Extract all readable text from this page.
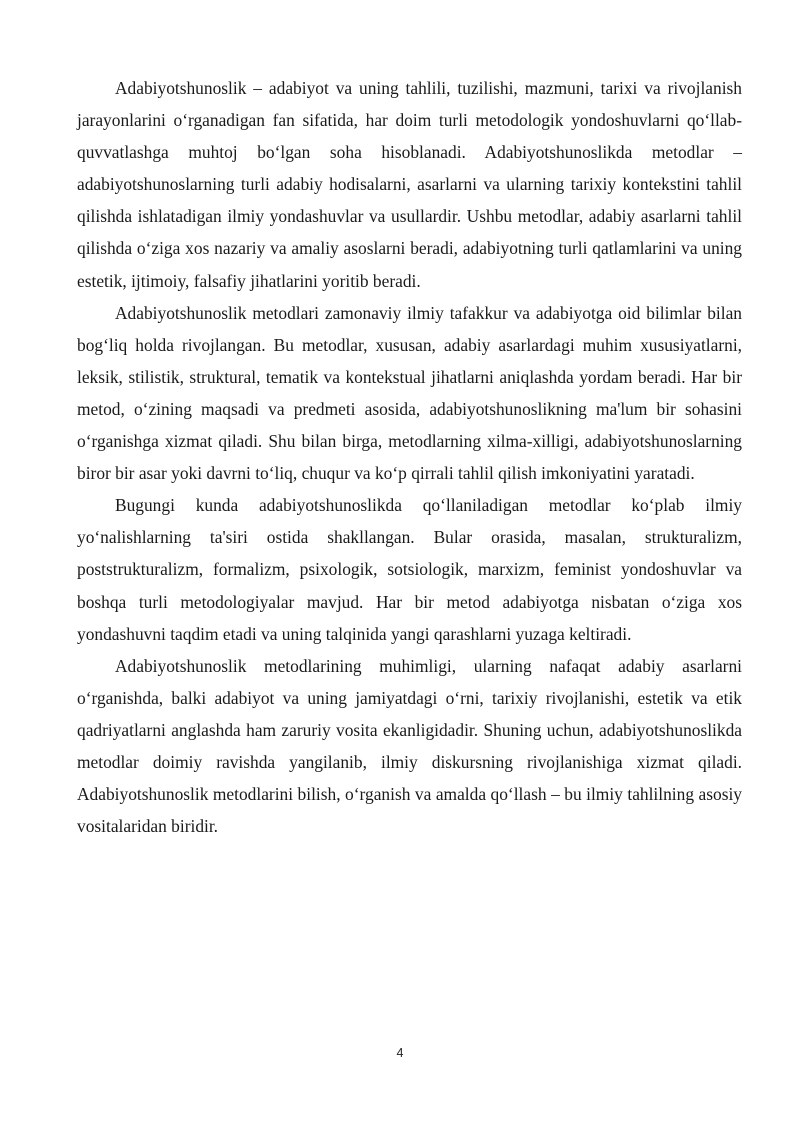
Adabiyotshunoslik – adabiyot va uning tahlili, tuzilishi, mazmuni, tarixi va rivojlanish jarayonlarini o‘rganadigan fan sifatida, har doim turli metodologik yondoshuvlarni qo‘llab-quvvatlashga muhtoj bo‘lgan soha hisoblanadi. Adabiyotshunoslikda metodlar – adabiyotshunoslarning turli adabiy hodisalarni, asarlarni va ularning tarixiy kontekstini tahlil qilishda ishlatadigan ilmiy yondashuvlar va usullardir. Ushbu metodlar, adabiy asarlarni tahlil qilishda o‘ziga xos nazariy va amaliy asoslarni beradi, adabiyotning turli qatlamlarini va uning estetik, ijtimoiy, falsafiy jihatlarini yoritib beradi.

Adabiyotshunoslik metodlari zamonaviy ilmiy tafakkur va adabiyotga oid bilimlar bilan bog‘liq holda rivojlangan. Bu metodlar, xususan, adabiy asarlardagi muhim xususiyatlarni, leksik, stilistik, struktural, tematik va kontekstual jihatlarni aniqlashda yordam beradi. Har bir metod, o‘zining maqsadi va predmeti asosida, adabiyotshunoslikning ma'lum bir sohasini o‘rganishga xizmat qiladi. Shu bilan birga, metodlarning xilma-xilligi, adabiyotshunoslarning biror bir asar yoki davrni to‘liq, chuqur va ko‘p qirrali tahlil qilish imkoniyatini yaratadi.

Bugungi kunda adabiyotshunoslikda qo‘llaniladigan metodlar ko‘plab ilmiy yo‘nalishlarning ta'siri ostida shakllangan. Bular orasida, masalan, strukturalizm, poststrukturalizm, formalizm, psixologik, sotsiologik, marxizm, feminist yondoshuvlar va boshqa turli metodologiyalar mavjud. Har bir metod adabiyotga nisbatan o‘ziga xos yondashuvni taqdim etadi va uning talqinida yangi qarashlarni yuzaga keltiradi.

Adabiyotshunoslik metodlarining muhimligi, ularning nafaqat adabiy asarlarni o‘rganishda, balki adabiyot va uning jamiyatdagi o‘rni, tarixiy rivojlanishi, estetik va etik qadriyatlarni anglashda ham zaruriy vosita ekanligidadir. Shuning uchun, adabiyotshunoslikda metodlar doimiy ravishda yangilanib, ilmiy diskursning rivojlanishiga xizmat qiladi. Adabiyotshunoslik metodlarini bilish, o‘rganish va amalda qo‘llash – bu ilmiy tahlilning asosiy vositalaridan biridir.

4
